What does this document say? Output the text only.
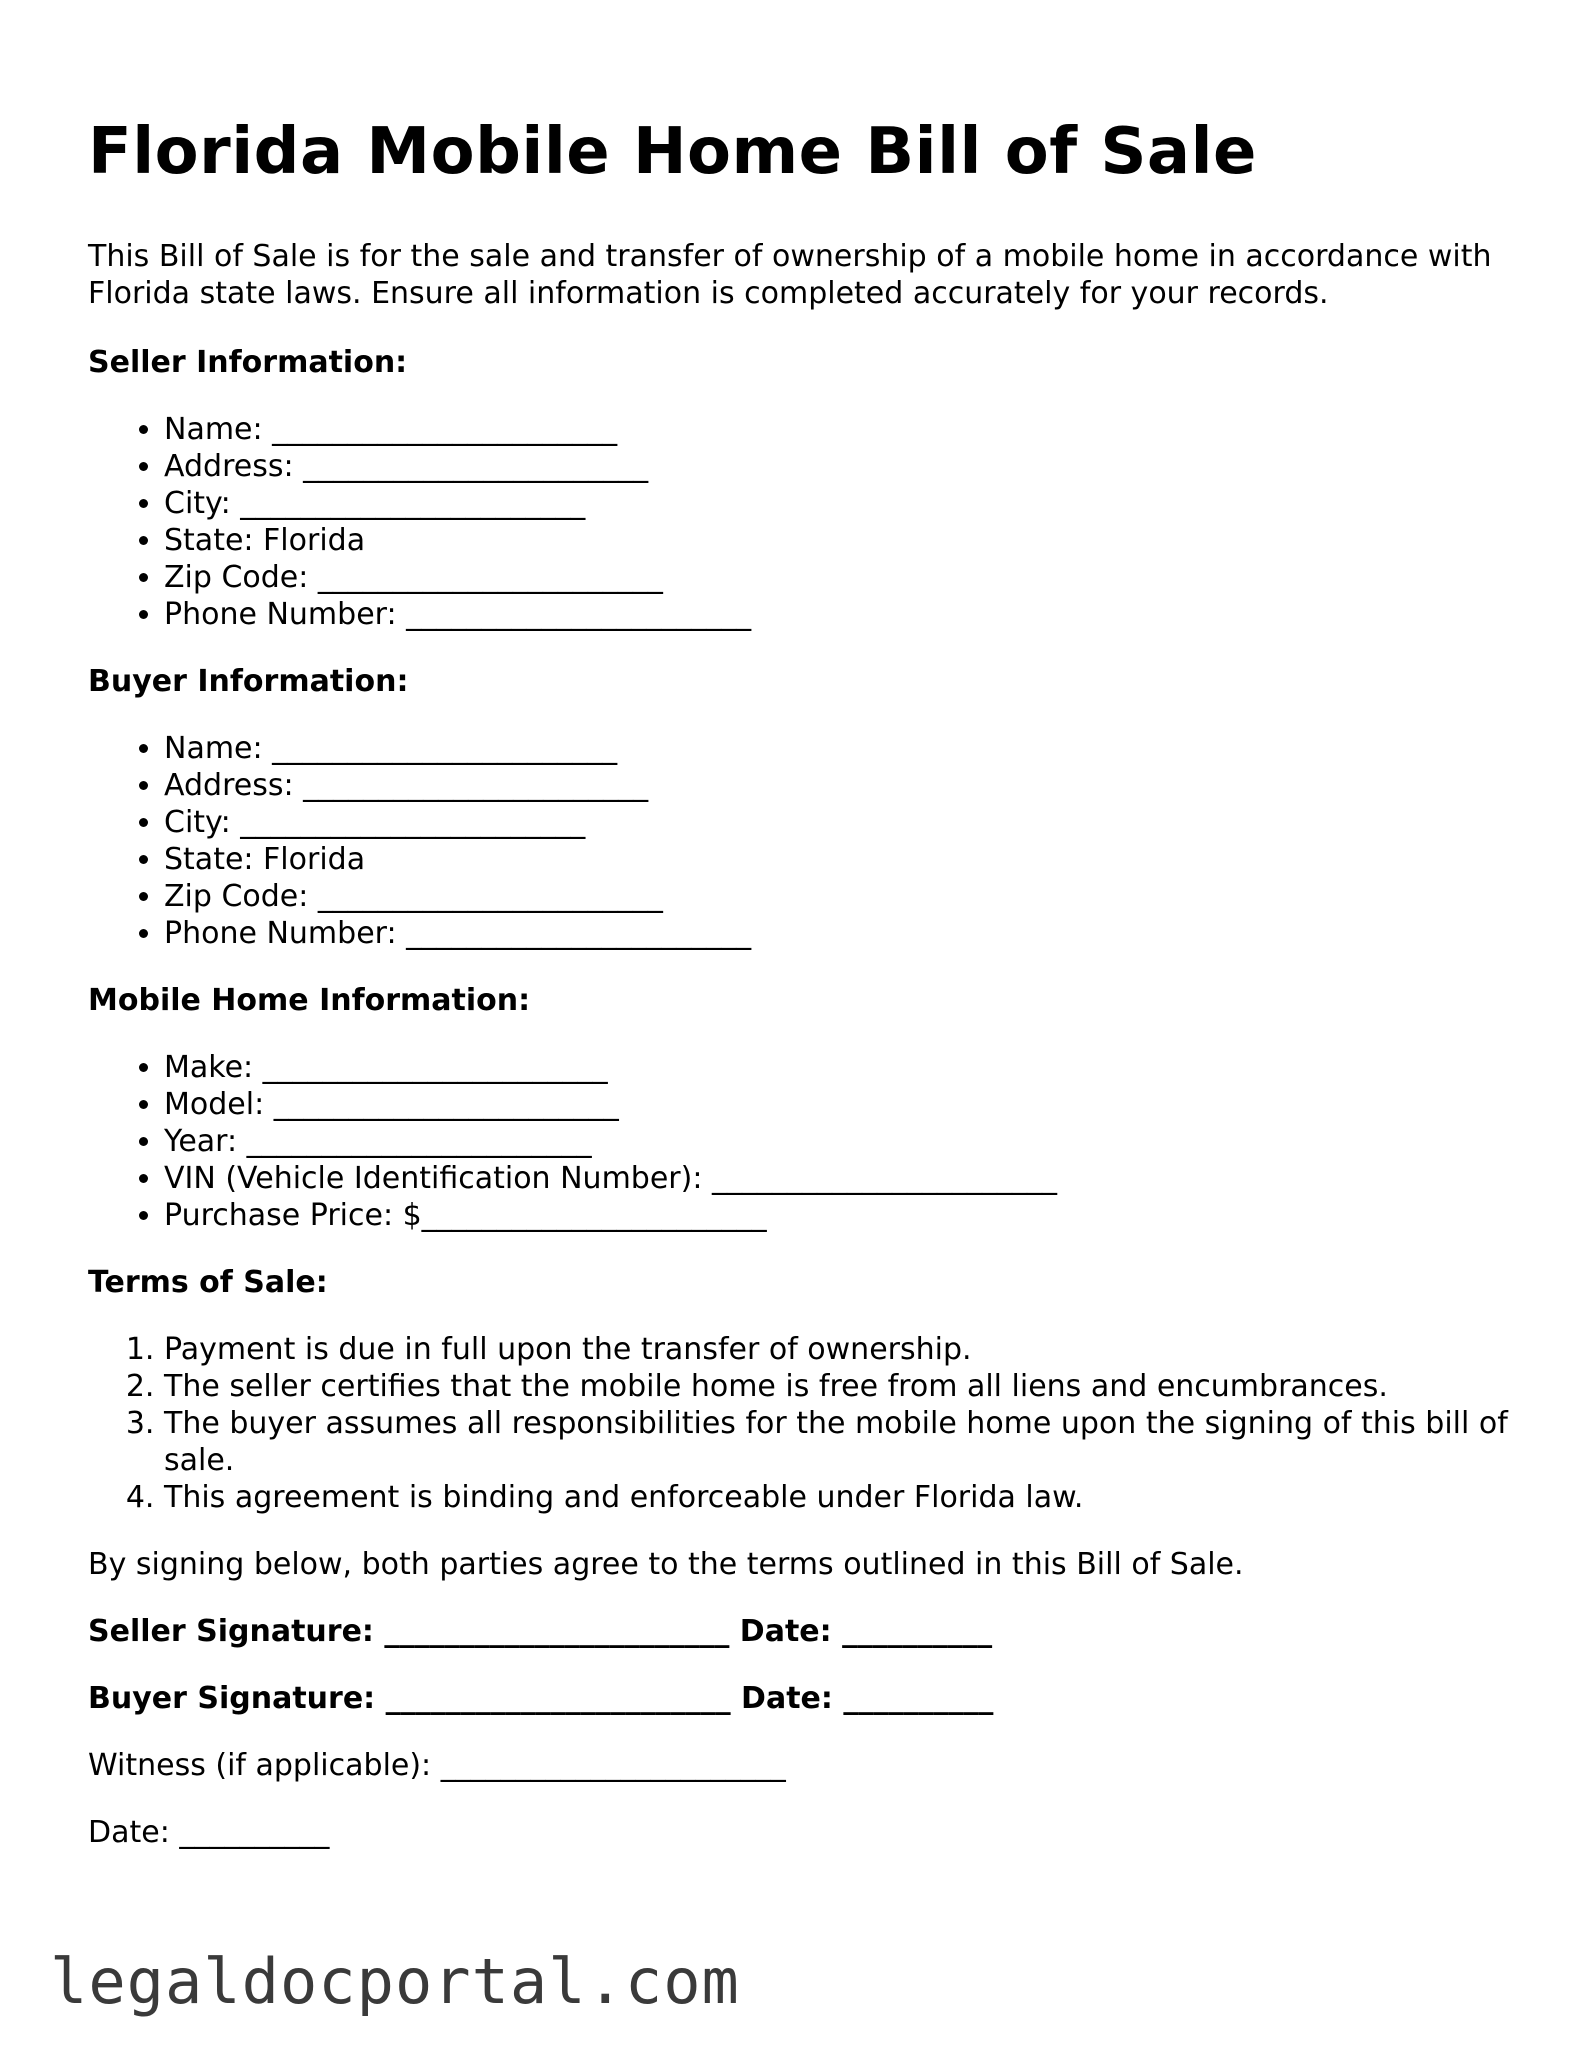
Florida Mobile Home Bill of Sale

This Bill of Sale is for the sale and transfer of ownership of a mobile home in accordance with Florida state laws. Ensure all information is completed accurately for your records.

Seller Information:

• Name: _______________________
• Address: _______________________
• City: _______________________
• State: Florida
• Zip Code: _______________________
• Phone Number: _______________________

Buyer Information:

• Name: _______________________
• Address: _______________________
• City: _______________________
• State: Florida
• Zip Code: _______________________
• Phone Number: _______________________

Mobile Home Information:

• Make: _______________________
• Model: _______________________
• Year: _______________________
• VIN (Vehicle Identification Number): _______________________
• Purchase Price: $_______________________

Terms of Sale:

1. Payment is due in full upon the transfer of ownership.
2. The seller certifies that the mobile home is free from all liens and encumbrances.
3. The buyer assumes all responsibilities for the mobile home upon the signing of this bill of sale.
4. This agreement is binding and enforceable under Florida law.

By signing below, both parties agree to the terms outlined in this Bill of Sale.

Seller Signature: _______________________ Date: __________

Buyer Signature: _______________________ Date: __________

Witness (if applicable): _______________________

Date: __________

legaldocportal.com
